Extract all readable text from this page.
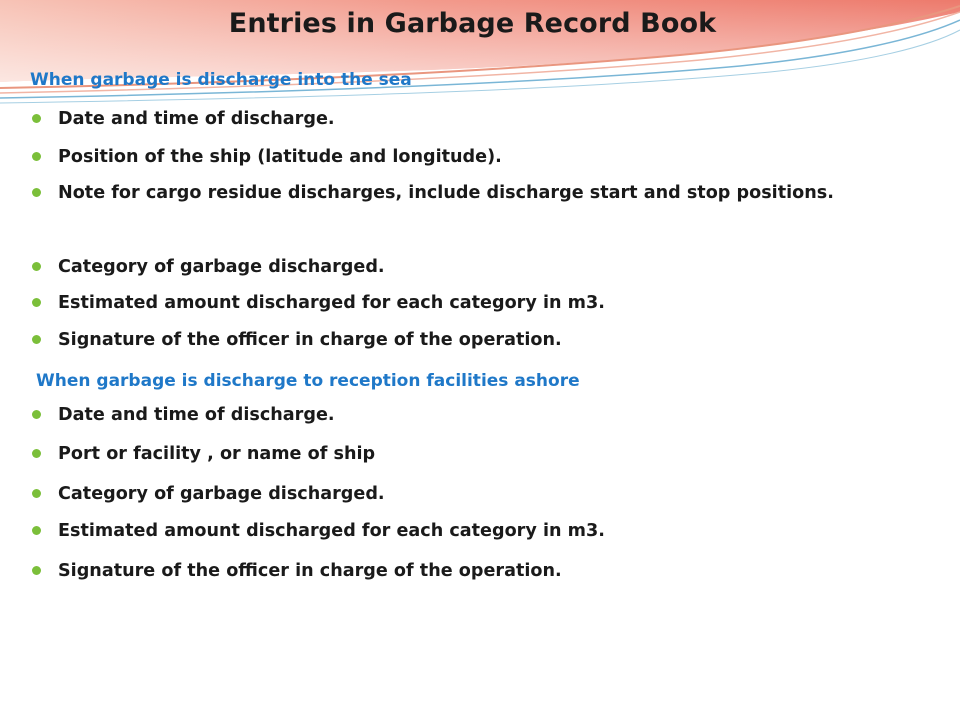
Entries in Garbage Record Book
When garbage is discharge into the sea

Date and time of discharge.

Position of the ship (latitude and longitude).

Note for cargo residue discharges, include discharge start and stop positions.

Category of garbage discharged.

Estimated amount discharged for each category in m3.

Signature of the officer in charge of the operation.

When garbage is discharge to reception facilities ashore

Date and time of discharge.

Port or facility , or name of ship

Category of garbage discharged.

Estimated amount discharged for each category in m3.

Signature of the officer in charge of the operation.
